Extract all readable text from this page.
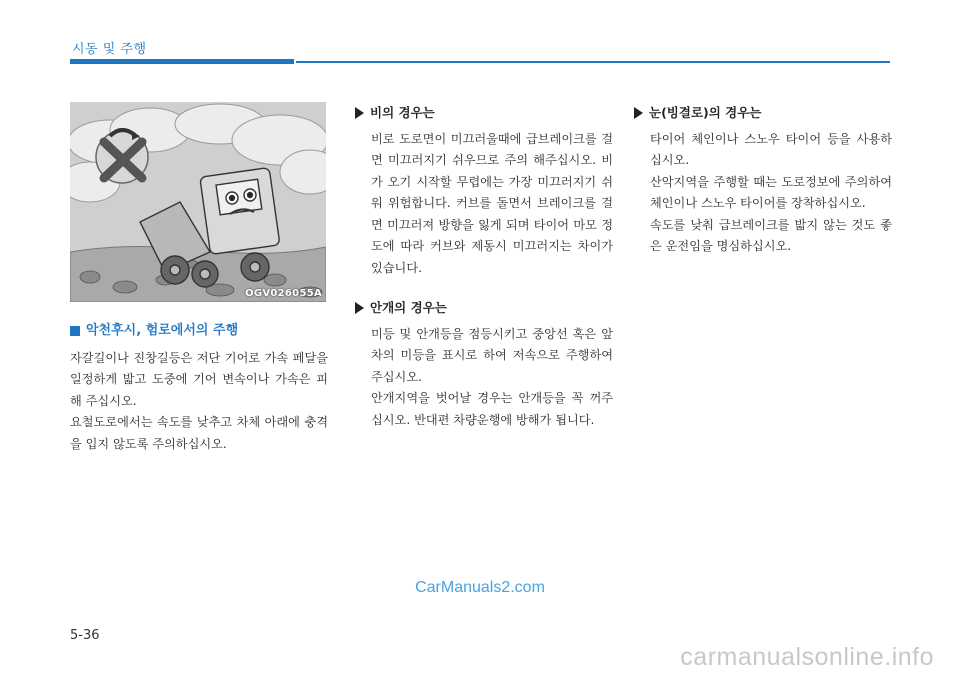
시동 및 주행
OGV026055A
악천후시, 험로에서의 주행

자갈길이나 진창길등은 저단 기어로 가속 페달을 일정하게 밟고 도중에 기어 변속이나 가속은 피해 주십시오.

요철도로에서는 속도를 낮추고 차체 아래에 충격을 입지 않도록 주의하십시오.

비의 경우는

비로 도로면이 미끄러울때에 급브레이크를 걸면 미끄러지기 쉬우므로 주의 해주십시오. 비가 오기 시작할 무렵에는 가장 미끄러지기 쉬워 위험합니다. 커브를 돌면서 브레이크를 걸면 미끄러져 방향을 잃게 되며 타이어 마모 정도에 따라 커브와 제동시 미끄러지는 차이가 있습니다.

안개의 경우는

미등 및 안개등을 점등시키고 중앙선 혹은 앞차의 미등을 표시로 하여 저속으로 주행하여 주십시오.

안개지역을 벗어날 경우는 안개등을 꼭 꺼주십시오. 반대편 차량운행에 방해가 됩니다.

눈(빙결로)의 경우는

타이어 체인이나 스노우 타이어 등을 사용하십시오.

산악지역을 주행할 때는 도로정보에 주의하여 체인이나 스노우 타이어를 장착하십시오.

속도를 낮춰 급브레이크를 밟지 않는 것도 좋은 운전임을 명심하십시오.

CarManuals2.com
5-36
carmanualsonline.info
